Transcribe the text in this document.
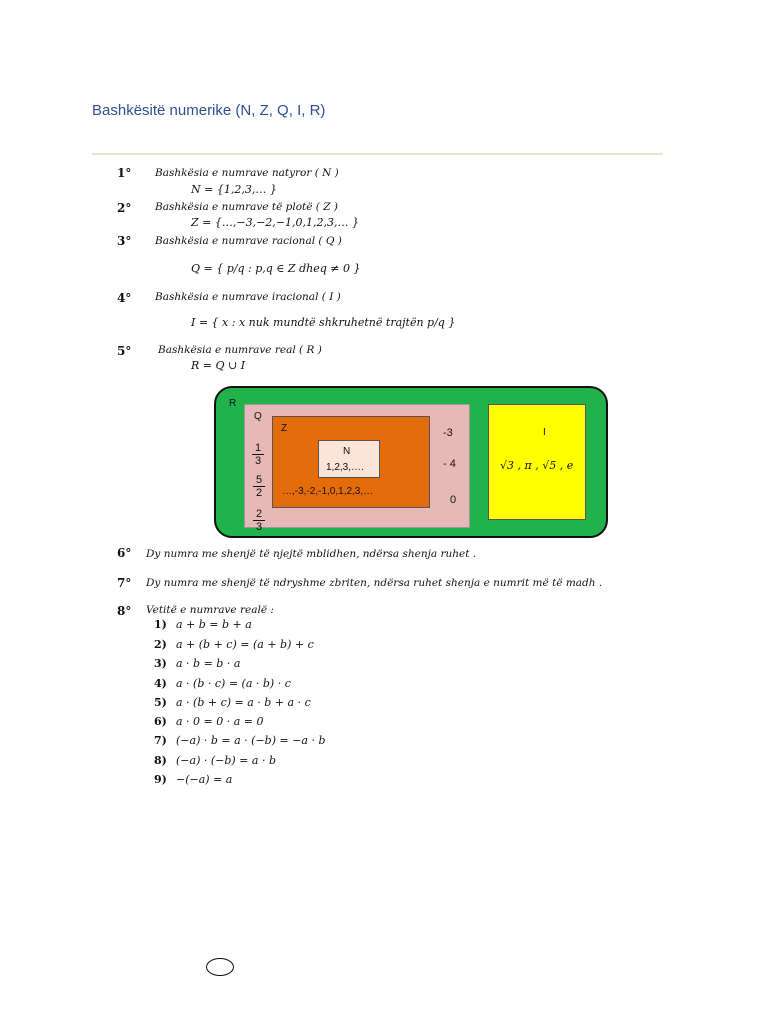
Bashkësitë numerike (N, Z, Q, I, R)
1° Bashkësia e numrave natyror ( N )
N = {1,2,3,… }
2° Bashkësia e numrave të plotë ( Z )
Z = {…,−3,−2,−1,0,1,2,3,… }
3° Bashkësia e numrave racional ( Q )
Q = { p/q : p,q ∈ Z dheq ≠ 0 }
4° Bashkësia e numrave iracional ( I )
I = { x : x nuk mundtë shkruhetnë trajtën p/q }
5°	Bashkësia e numrave real ( R )
R = Q ∪ I
R
Q
$\frac{1}{3}$
$\frac{5}{2}$
$\frac{2}{3}$
Z
…,-3,-2,-1,0,1,2,3,…
N
1,2,3,….
-3
- 4
0
I
√3 , π , √5 , e
6° Dy numra me shenjë të njejtë mblidhen, ndërsa shenja ruhet .
7° Dy numra me shenjë të ndryshme zbriten, ndërsa ruhet shenja e numrit më të madh .
8° Vetitë e numrave realë :
1) a + b = b + a
2) a + (b + c) = (a + b) + c
3) a · b = b · a
4) a · (b · c) = (a · b) · c
5) a · (b + c) = a · b + a · c
6) a · 0 = 0 · a = 0
7) (−a) · b = a · (−b) = −a · b
8) (−a) · (−b) = a · b
9) −(−a) = a
